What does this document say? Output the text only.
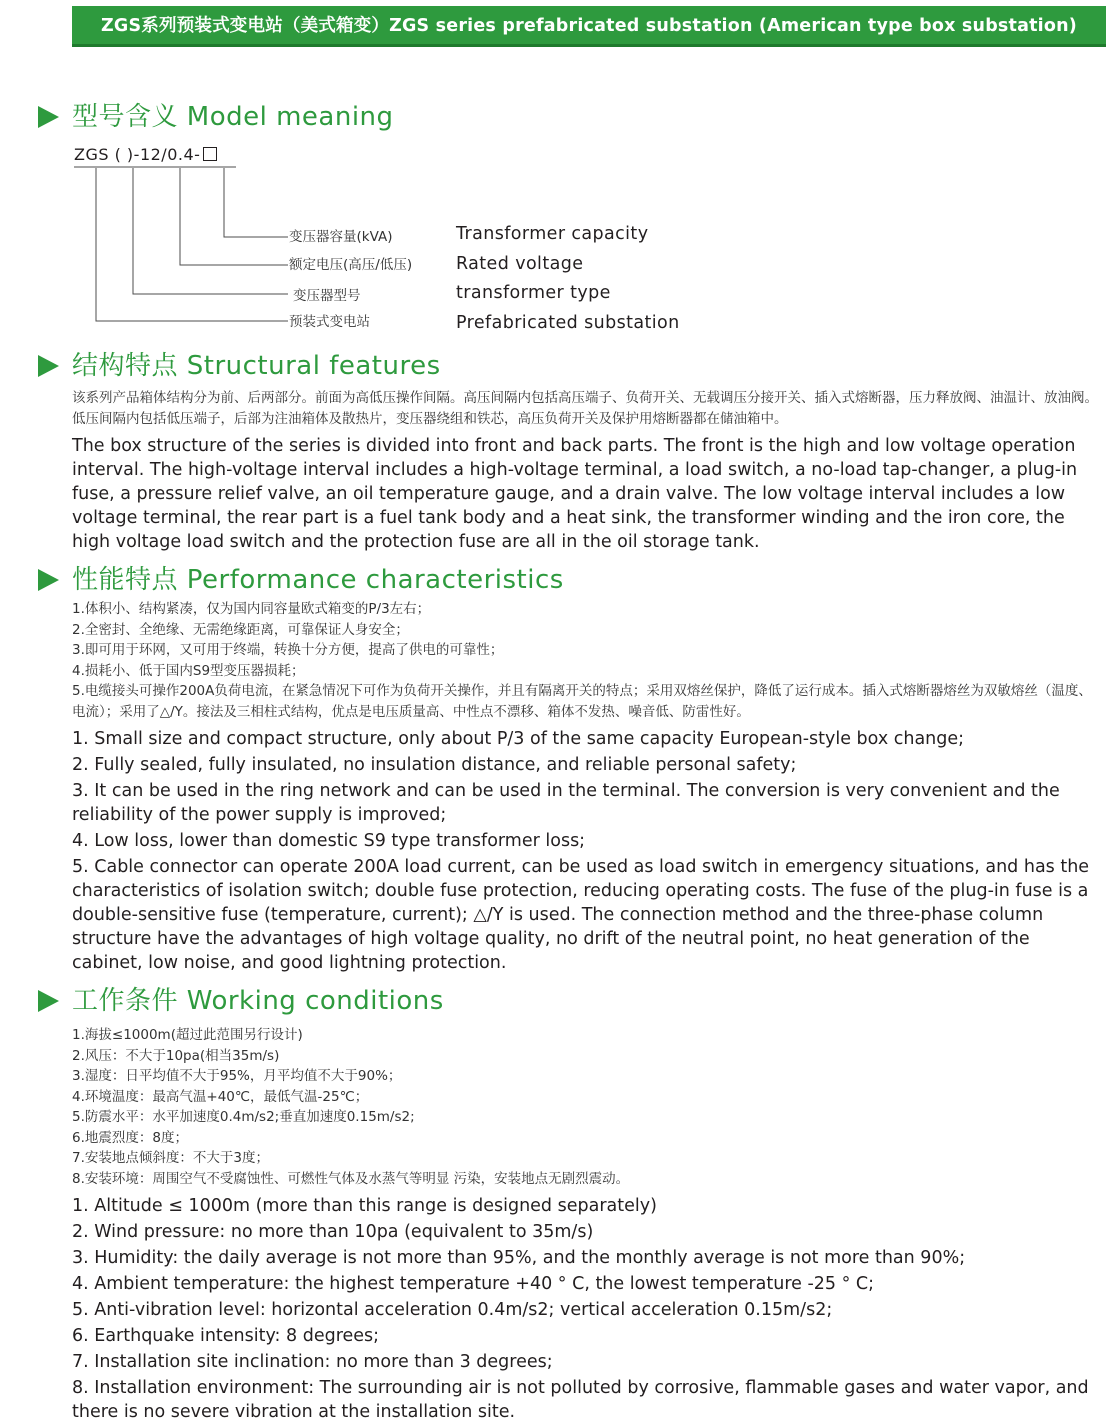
ZGS系列预装式变电站（美式箱变）ZGS series prefabricated substation (American type box substation)
型号含义 Model meaning
ZGS ( )-12/0.4-
变压器容量(kVA)
额定电压(高压/低压)
变压器型号
预装式变电站
Transformer capacity
Rated voltage
transformer type
Prefabricated substation
结构特点 Structural features

该系列产品箱体结构分为前、后两部分。前面为高低压操作间隔。高压间隔内包括高压端子、负荷开关、无载调压分接开关、插入式熔断器，压力释放阀、油温计、放油阀。低压间隔内包括低压端子，后部为注油箱体及散热片，变压器绕组和铁芯，高压负荷开关及保护用熔断器都在储油箱中。

The box structure of the series is divided into front and back parts. The front is the high and low voltage operation interval. The high-voltage interval includes a high-voltage terminal, a load switch, a no-load tap-changer, a plug-in fuse, a pressure relief valve, an oil temperature gauge, and a drain valve. The low voltage interval includes a low voltage terminal, the rear part is a fuel tank body and a heat sink, the transformer winding and the iron core, the high voltage load switch and the protection fuse are all in the oil storage tank.

性能特点 Performance characteristics

1.体积小、结构紧凑，仅为国内同容量欧式箱变的P/3左右；

2.全密封、全绝缘、无需绝缘距离，可靠保证人身安全；

3.即可用于环网，又可用于终端，转换十分方便，提高了供电的可靠性；

4.损耗小、低于国内S9型变压器损耗；

5.电缆接头可操作200A负荷电流，在紧急情况下可作为负荷开关操作，并且有隔离开关的特点；采用双熔丝保护，降低了运行成本。插入式熔断器熔丝为双敏熔丝（温度、电流）；采用了△/Y。接法及三相柱式结构，优点是电压质量高、中性点不漂移、箱体不发热、噪音低、防雷性好。

1. Small size and compact structure, only about P/3 of the same capacity European-style box change;

2. Fully sealed, fully insulated, no insulation distance, and reliable personal safety;

3. It can be used in the ring network and can be used in the terminal. The conversion is very convenient and the reliability of the power supply is improved;

4. Low loss, lower than domestic S9 type transformer loss;

5. Cable connector can operate 200A load current, can be used as load switch in emergency situations, and has the characteristics of isolation switch; double fuse protection, reducing operating costs. The fuse of the plug-in fuse is a double-sensitive fuse (temperature, current); △/Y is used. The connection method and the three-phase column structure have the advantages of high voltage quality, no drift of the neutral point, no heat generation of the cabinet, low noise, and good lightning protection.

工作条件 Working conditions

1.海拔≤1000m(超过此范围另行设计)

2.风压：不大于10pa(相当35m/s)

3.湿度：日平均值不大于95%，月平均值不大于90%；

4.环境温度：最高气温+40℃，最低气温-25℃；

5.防震水平：水平加速度0.4m/s2;垂直加速度0.15m/s2;

6.地震烈度：8度；

7.安装地点倾斜度：不大于3度；

8.安装环境：周围空气不受腐蚀性、可燃性气体及水蒸气等明显 污染，安装地点无剧烈震动。

1. Altitude ≤ 1000m (more than this range is designed separately)

2. Wind pressure: no more than 10pa (equivalent to 35m/s)

3. Humidity: the daily average is not more than 95%, and the monthly average is not more than 90%;

4. Ambient temperature: the highest temperature +40 ° C, the lowest temperature -25 ° C;

5. Anti-vibration level: horizontal acceleration 0.4m/s2; vertical acceleration 0.15m/s2;

6. Earthquake intensity: 8 degrees;

7. Installation site inclination: no more than 3 degrees;

8. Installation environment: The surrounding air is not polluted by corrosive, flammable gases and water vapor, and there is no severe vibration at the installation site.
